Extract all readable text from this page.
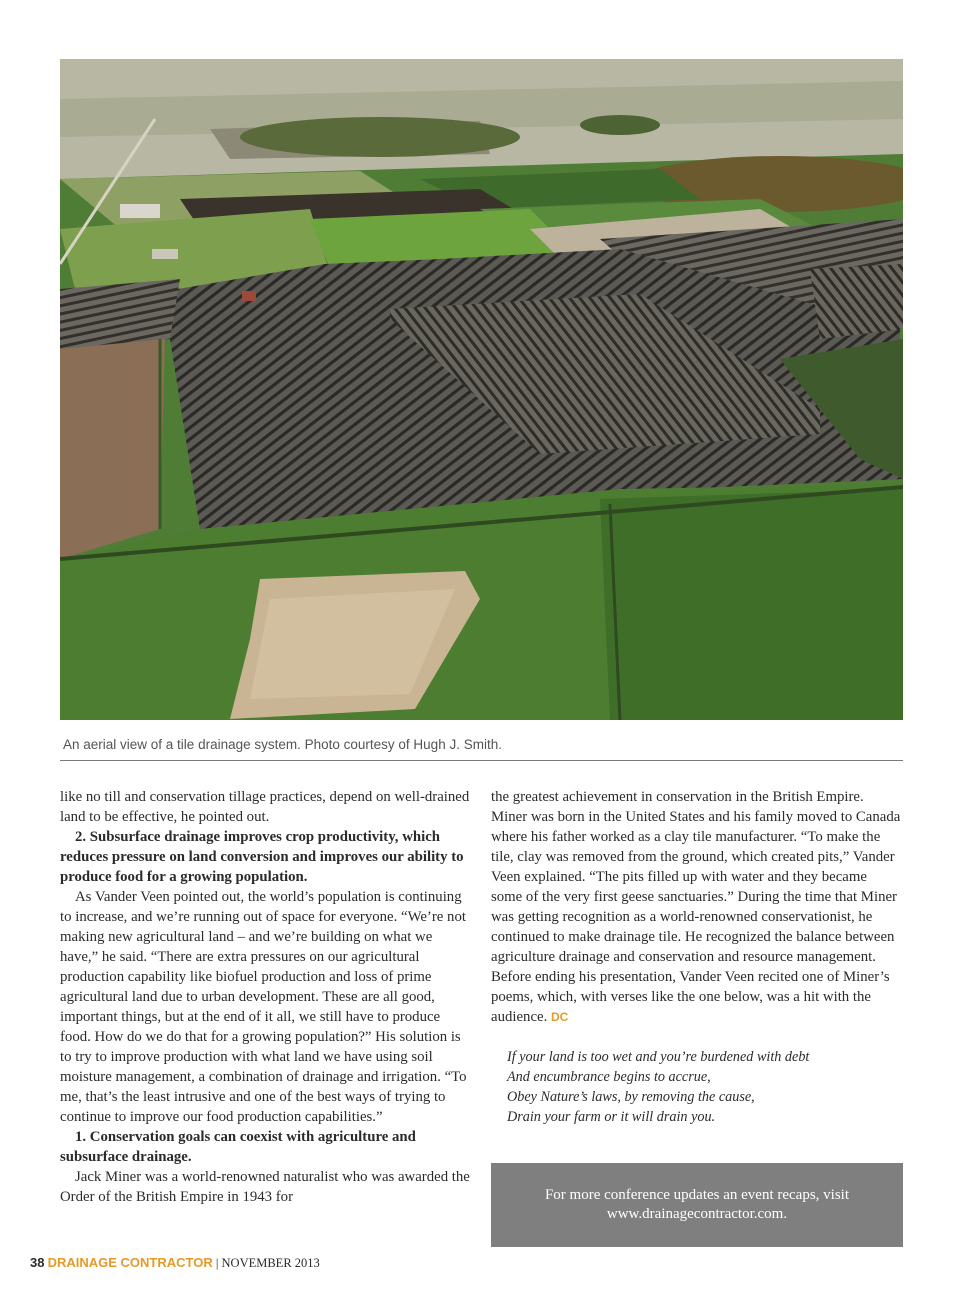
An aerial view of a tile drainage system. Photo courtesy of Hugh J. Smith.

like no till and conservation tillage practices, depend on well-drained land to be effective, he pointed out.

2. Subsurface drainage improves crop productivity, which reduces pressure on land conversion and improves our ability to produce food for a growing population.

As Vander Veen pointed out, the world’s population is continuing to increase, and we’re running out of space for everyone. “We’re not making new agricultural land – and we’re building on what we have,” he said. “There are extra pressures on our agricultural production capability like biofuel production and loss of prime agricultural land due to urban development. These are all good, important things, but at the end of it all, we still have to produce food. How do we do that for a growing population?” His solution is to try to improve production with what land we have using soil moisture management, a combination of drainage and irrigation. “To me, that’s the least intrusive and one of the best ways of trying to continue to improve our food production capabilities.”

1. Conservation goals can coexist with agriculture and subsurface drainage.

Jack Miner was a world-renowned naturalist who was awarded the Order of the British Empire in 1943 for

the greatest achievement in conservation in the British Empire. Miner was born in the United States and his family moved to Canada where his father worked as a clay tile manufacturer. “To make the tile, clay was removed from the ground, which created pits,” Vander Veen explained. “The pits filled up with water and they became some of the very first geese sanctuaries.” During the time that Miner was getting recognition as a world-renowned conservationist, he continued to make drainage tile. He recognized the balance between agriculture drainage and conservation and resource management. Before ending his presentation, Vander Veen recited one of Miner’s poems, which, with verses like the one below, was a hit with the audience. DC

If your land is too wet and you’re burdened with debt
And encumbrance begins to accrue,
Obey Nature’s laws, by removing the cause,
Drain your farm or it will drain you.

For more conference updates an event recaps, visit
www.drainagecontractor.com.
38 DRAINAGE CONTRACTOR | NOVEMBER 2013
